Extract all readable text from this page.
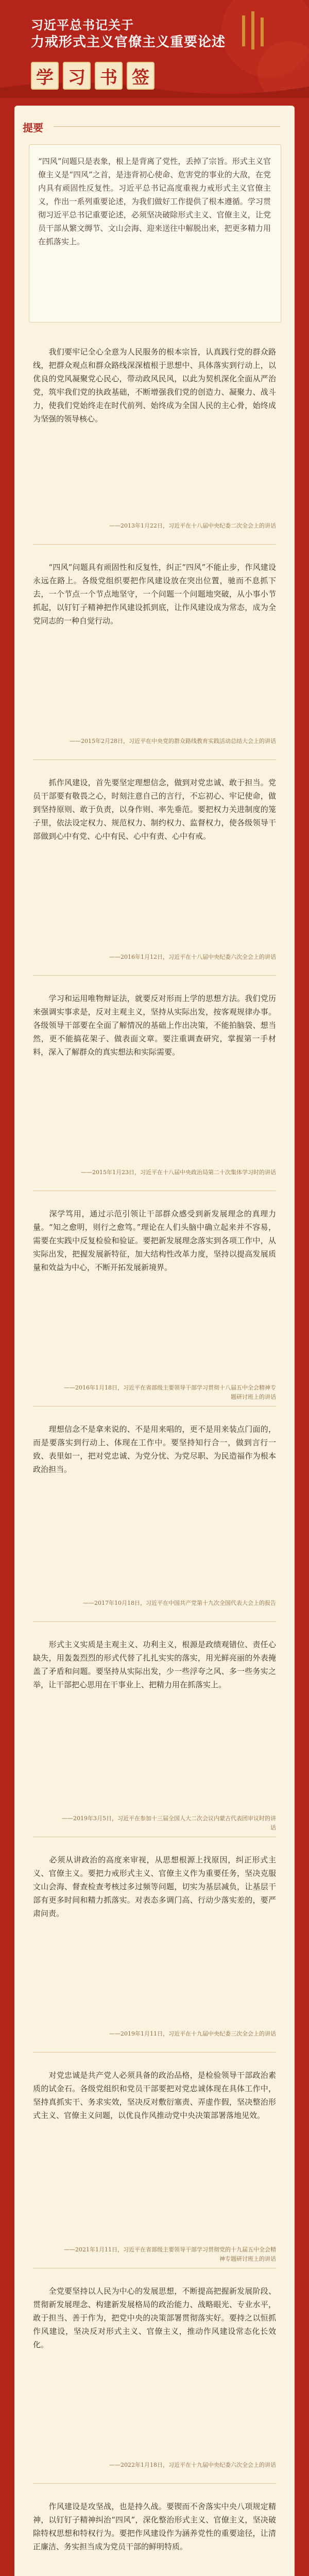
习近平总书记关于
力戒形式主义官僚主义重要论述
学 习 书 签
提要
“四风”问题只是表象，根上是背离了党性，丢掉了宗旨。形式主义官僚主义是“四风”之首，是违背初心使命、危害党的事业的大敌，在党内具有顽固性反复性。习近平总书记高度重视力戒形式主义官僚主义，作出一系列重要论述，为我们做好工作提供了根本遵循。学习贯彻习近平总书记重要论述，必须坚决破除形式主义、官僚主义，让党员干部从繁文缛节、文山会海、迎来送往中解脱出来，把更多精力用在抓落实上。
　　我们要牢记全心全意为人民服务的根本宗旨，认真践行党的群众路线，把群众观点和群众路线深深植根于思想中、具体落实到行动上，以优良的党风凝聚党心民心，带动政风民风，以此为契机深化全面从严治党，筑牢我们党的执政基础，不断增强我们党的创造力、凝聚力、战斗力，使我们党始终走在时代前列、始终成为全国人民的主心骨，始终成为坚强的领导核心。
——2013年1月22日，习近平在十八届中央纪委二次全会上的讲话
　　“四风”问题具有顽固性和反复性，纠正“四风”不能止步，作风建设永远在路上。各级党组织要把作风建设放在突出位置，驰而不息抓下去，一个节点一个节点地坚守，一个问题一个问题地突破，从小事小节抓起，以钉钉子精神把作风建设抓到底，让作风建设成为常态，成为全党同志的一种自觉行动。
——2015年2月28日，习近平在中央党的群众路线教育实践活动总结大会上的讲话
　　抓作风建设，首先要坚定理想信念，做到对党忠诚、敢于担当。党员干部要有敬畏之心，时刻注意自己的言行，不忘初心、牢记使命，做到坚持原则、敢于负责，以身作则、率先垂范。要把权力关进制度的笼子里，依法设定权力、规范权力、制约权力、监督权力，使各级领导干部做到心中有党、心中有民、心中有责、心中有戒。
——2016年1月12日，习近平在十八届中央纪委六次全会上的讲话
　　学习和运用唯物辩证法，就要反对形而上学的思想方法。我们党历来强调实事求是，反对主观主义，坚持从实际出发，按客观规律办事。各级领导干部要在全面了解情况的基础上作出决策，不能拍脑袋、想当然，更不能搞花架子、做表面文章。要注重调查研究，掌握第一手材料，深入了解群众的真实想法和实际需要。
——2015年1月23日，习近平在十八届中央政治局第二十次集体学习时的讲话
　　深学笃用，通过示范引领让干部群众感受到新发展理念的真理力量。“知之愈明，则行之愈笃。”理论在人们头脑中确立起来并不容易，需要在实践中反复检验和验证。要把新发展理念落实到各项工作中，从实际出发，把握发展新特征，加大结构性改革力度，坚持以提高发展质量和效益为中心，不断开拓发展新境界。
——2016年1月18日，习近平在省部级主要领导干部学习贯彻十八届五中全会精神专题研讨班上的讲话
　　理想信念不是拿来说的、不是用来唱的，更不是用来装点门面的，而是要落实到行动上、体现在工作中。要坚持知行合一，做到言行一致、表里如一，把对党忠诚、为党分忧、为党尽职、为民造福作为根本政治担当。
——2017年10月18日，习近平在中国共产党第十九次全国代表大会上的报告
　　形式主义实质是主观主义、功利主义，根源是政绩观错位、责任心缺失，用轰轰烈烈的形式代替了扎扎实实的落实，用光鲜亮丽的外表掩盖了矛盾和问题。要坚持从实际出发，少一些浮夸之风、多一些务实之举，让干部把心思用在干事业上、把精力用在抓落实上。
——2019年3月5日，习近平在参加十三届全国人大二次会议内蒙古代表团审议时的讲话
　　必须从讲政治的高度来审视，从思想根源上找原因，纠正形式主义、官僚主义。要把力戒形式主义、官僚主义作为重要任务，坚决克服文山会海、督查检查考核过多过频等问题，切实为基层减负，让基层干部有更多时间和精力抓落实。对表态多调门高、行动少落实差的，要严肃问责。
——2019年1月11日，习近平在十九届中央纪委三次全会上的讲话
　　对党忠诚是共产党人必须具备的政治品格，是检验领导干部政治素质的试金石。各级党组织和党员干部要把对党忠诚体现在具体工作中，坚持真抓实干、务求实效，坚决反对敷衍塞责、弄虚作假，坚决整治形式主义、官僚主义问题，以优良作风推动党中央决策部署落地见效。
——2021年1月11日，习近平在省部级主要领导干部学习贯彻党的十九届五中全会精神专题研讨班上的讲话
　　全党要坚持以人民为中心的发展思想，不断提高把握新发展阶段、贯彻新发展理念、构建新发展格局的政治能力、战略眼光、专业水平，敢于担当、善于作为，把党中央的决策部署贯彻落实好。要持之以恒抓作风建设，坚决反对形式主义、官僚主义，推动作风建设常态化长效化。
——2022年1月18日，习近平在十九届中央纪委六次全会上的讲话
　　作风建设是攻坚战，也是持久战。要锲而不舍落实中央八项规定精神，以钉钉子精神纠治“四风”，深化整治形式主义、官僚主义，坚决破除特权思想和特权行为。要把作风建设作为涵养党性的重要途径，让清正廉洁、务实担当成为党员干部的鲜明特质。
